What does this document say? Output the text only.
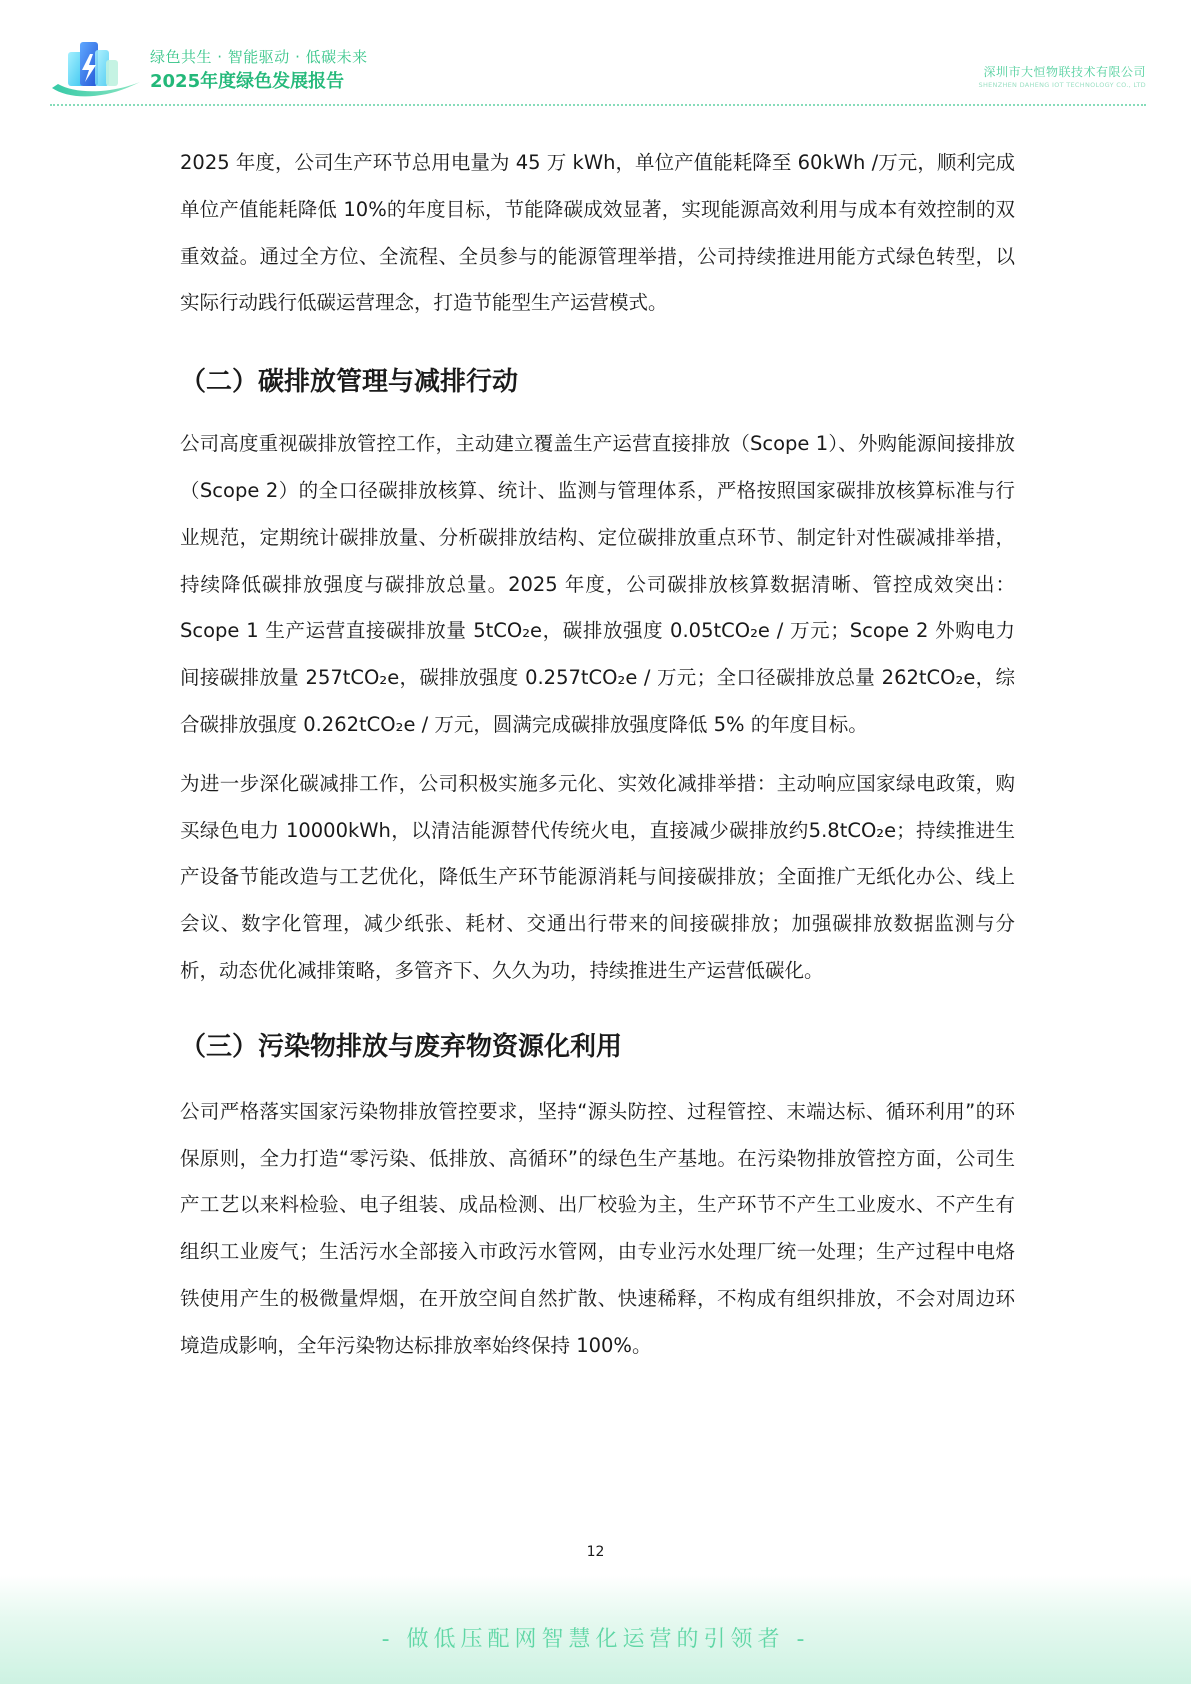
绿色共生 · 智能驱动 · 低碳未来
2025年度绿色发展报告	深圳市大恒物联技术有限公司
SHENZHEN DAHENG IOT TECHNOLOGY CO., LTD

2025 年度，公司生产环节总用电量为 45 万 kWh，单位产值能耗降至 60kWh /万元，顺利完成单位产值能耗降低 10%的年度目标，节能降碳成效显著，实现能源高效利用与成本有效控制的双重效益。通过全方位、全流程、全员参与的能源管理举措，公司持续推进用能方式绿色转型，以实际行动践行低碳运营理念，打造节能型生产运营模式。

（二）碳排放管理与减排行动

公司高度重视碳排放管控工作，主动建立覆盖生产运营直接排放（Scope 1）、外购能源间接排放（Scope 2）的全口径碳排放核算、统计、监测与管理体系，严格按照国家碳排放核算标准与行业规范，定期统计碳排放量、分析碳排放结构、定位碳排放重点环节、制定针对性碳减排举措，持续降低碳排放强度与碳排放总量。2025 年度，公司碳排放核算数据清晰、管控成效突出：Scope 1 生产运营直接碳排放量 5tCO₂e，碳排放强度 0.05tCO₂e / 万元；Scope 2 外购电力间接碳排放量 257tCO₂e，碳排放强度 0.257tCO₂e / 万元；全口径碳排放总量 262tCO₂e，综合碳排放强度 0.262tCO₂e / 万元，圆满完成碳排放强度降低 5% 的年度目标。

为进一步深化碳减排工作，公司积极实施多元化、实效化减排举措：主动响应国家绿电政策，购买绿色电力 10000kWh，以清洁能源替代传统火电，直接减少碳排放约5.8tCO₂e；持续推进生产设备节能改造与工艺优化，降低生产环节能源消耗与间接碳排放；全面推广无纸化办公、线上会议、数字化管理，减少纸张、耗材、交通出行带来的间接碳排放；加强碳排放数据监测与分析，动态优化减排策略，多管齐下、久久为功，持续推进生产运营低碳化。

（三）污染物排放与废弃物资源化利用

公司严格落实国家污染物排放管控要求，坚持“源头防控、过程管控、末端达标、循环利用”的环保原则，全力打造“零污染、低排放、高循环”的绿色生产基地。在污染物排放管控方面，公司生产工艺以来料检验、电子组装、成品检测、出厂校验为主，生产环节不产生工业废水、不产生有组织工业废气；生活污水全部接入市政污水管网，由专业污水处理厂统一处理；生产过程中电烙铁使用产生的极微量焊烟，在开放空间自然扩散、快速稀释，不构成有组织排放，不会对周边环境造成影响，全年污染物达标排放率始终保持 100%。

12
- 做低压配网智慧化运营的引领者 -
